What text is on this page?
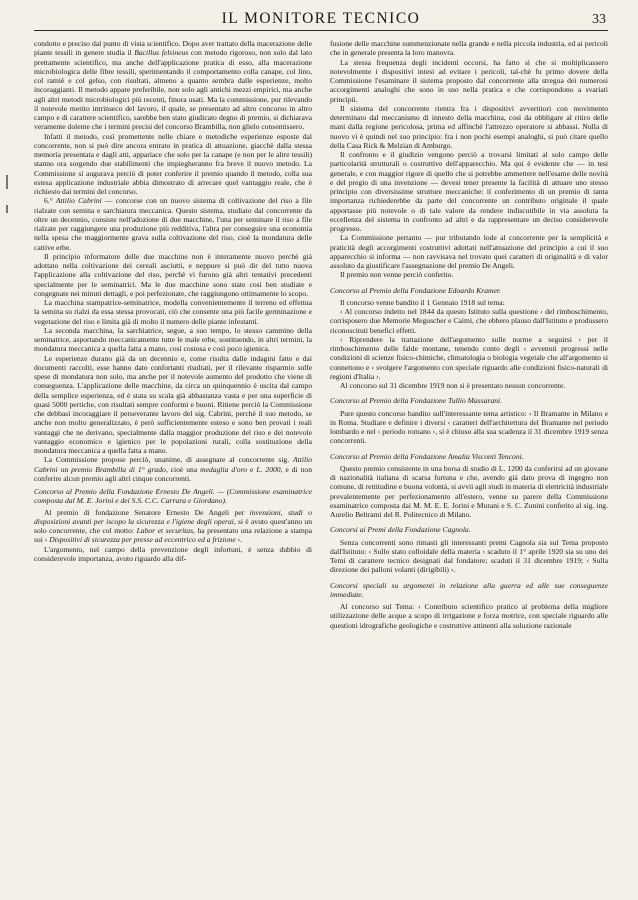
IL MONITORE TECNICO	33

condotto e preciso dal punto di vista scientifico. Dopo aver trattato della macerazione delle piante tessili in genere studia il Bacillus felsineus con metodo rigoroso, non solo dal lato prettamente scientifico, ma anche dell'applicazione pratica di esso, alla macerazione microbiologica delle fibre tessili, sperimentando il comportamento colla canape, col lino, col ramiè e col gelso, con risultati, almeno a quanto sembra dalle esperienze, molto incoraggianti. Il metodo appare preferibile, non solo agli antichi mezzi empirici, ma anche agli altri metodi microbiologici più recenti, finora usati. Ma la commissione, pur rilevando il notevole merito intrinseco del lavoro, il quale, se presentato ad altro concorso in altro campo e di carattere scientifico, sarebbe ben stato giudicato degno di premio, si dichiarava veramente dolente che i termini precisi del concorso Brambilla, non glielo consentissero.

Infatti il metodo, così promettente nelle chiare e metodiche esperienze esposte dal concorrente, non si può dire ancora entrato in pratica di attuazione, giacchè dalla stessa memoria presentata e dagli atti, appariace che solo per la canape (e non per le altre tessili) stanno ora sorgendo due stabilimenti che impiegheranno fra breve il nuovo metodo. La Commissione si augurava perciò di poter conferire il premio quando il metodo, colla sua estesa applicazione industriale abbia dimostrato di arrecare quel vantaggio reale, che è richiesto dai termini del concorso.

6.° Attilio Cabrini — concorse con un nuovo sistema di coltivazione del riso a file rialzate con semina e sarchiatura meccanica. Questo sistema, studiato dal concorrente da oltre un decennio, consiste nell'adozione di due macchine, l'una per seminare il riso a file rialzate per raggiungere una produzione più redditiva, l'altra per conseguire una economia nella spesa che maggiormente grava sulla coltivazione del riso, cioè la mondatura delle cattive erbe.

Il principio informatore delle due macchine non è interamente nuovo perchè già adottato nella coltivazione dei cereali asciutti, e neppure si può dir del tutto nuova l'applicazione alla coltivazione del riso, perchè vi furono già altri tentativi precedenti specialmente per le seminatrici. Ma le due macchine sono state così ben studiate e congegnate nei minuti dettagli, e poi perfezionate, che raggiungono ottimamente lo scopo.

La macchina stampatrice-seminatrice, modella convenientemente il terreno ed effettua la semina su rialzi da essa stessa provocati, ciò che consente una più facile germinazione e vegetazione del riso e limita già di molto il numero delle piante infestanti.

La seconda macchina, la sarchiatrice, segue, a suo tempo, lo stesso cammino della seminatrice, asportando meccanicamente tutte le male erbe, sostituendo, in altri termini, la mondatura meccanica a quella fatta a mano, così costosa e così poco igienica.

Le esperienze durano già da un decennio e, come risulta dalle indagini fatte e dai documenti raccolti, esse hanno dato confortanti risultati, per il rilevante risparmio sulle spese di mondatura non solo, ma anche per il notevole aumento del prodotto che viene di conseguenza. L'applicazione delle macchine, da circa un quinquennio è uscita dal campo della semplice esperienza, ed è stata su scala già abbastanza vasta e per una superficie di quasi 5000 pertiche, con risultati sempre conformi e buoni. Ritiene perciò la Commissione che debbasi incoraggiare il perseverante lavoro del sig. Cabrini, perchè il suo metodo, se anche non molto generalizzato, è però sufficientemente esteso e sono ben provati i reali vantaggi che ne derivano, specialmente dalla maggior produzione del riso e dei notevole vantaggio economico e igienico per le popolazioni rurali, colla sostituzione della mondatura meccanica a quella fatta a mano.

La Commissione propose perciò, unanime, di assegnare al concorrente sig. Attilio Cabrini un premio Brambilla di 1° grado, cioè una medaglia d'oro e L. 2000, e di non conferire alcun premio agli altri cinque concorrenti.

Concorso al Premio della Fondazione Ernesto De Angeli. — (Commissione esaminatrice composta dal M. E. Jorini e dei S.S. C.C. Carrara e Giordano).

Al premio di fondazione Senatore Ernesto De Angeli per invenzioni, studi o disposizioni avanti per iscopo la sicurezza e l'igiene degli operai, si è avuto quest'anno un solo concorrente, che col motto: Labor et securitas, ha presentato una relazione a stampa sui ‹ Dispositivi di sicurezza per presse ad eccentrico ed a frizione ›.

L'argomento, nel campo della prevenzione degli infortuni, è senza dubbio di considerevole importanza, avuto riguardo alla dif-

fusione delle macchine summenzionate nella grande e nella piccola industria, ed ai pericoli che in generale presenta la loro manovra.

La stessa frequenza degli incidenti occorsi, ha fatto sì che si moltiplicassero notevolmente i dispositivi intesi ad evitare i pericoli, tal-chè fu primo dovere della Commissione l'esaminare il sistema proposto dal concorrente alla stregua dei numerosi accorgimenti analoghi che sono in uso nella pratica e che corrispondono a svariati principii.

Il sistema del concorrente rientra fra i dispositivi avvertitori con movimento determinato dal meccanismo di innesto della macchina, così da obbligare al ritiro delle mani dalla regione pericolosa, prima ed affinchè l'attrezzo operatore si abbassi. Nulla di nuovo vi è quindi nel suo principio: fra i non pochi esempi analoghi, si può citare quello della Casa Rick & Melzian di Amburgo.

Il confronto e il giudizio vengono perciò a trovarsi limitati al solo campo delle particolarità strutturali o costruttive dell'apparecchio. Ma qui è evidente che — in tesi generale, e con maggior rigore di quello che si potrebbe ammettere nell'esame delle novità e del pregio di una invenzione — devesi tener presente la facilità di attuare uno stesso principio con diversissime strutture meccaniche: il conferimento di un premio di tanta importanza richiederebbe da parte del concorrente un contributo originale il quale apportasse più notevole o di tale valore da rendere indiscutibile in via assoluta la eccellenza del sistema in confronto ad altri e da rappresentare un deciso considerevole progresso.

La Commissione pertanto — pur tributando lode al concorrente per la semplicità e praticità degli accorgimenti costruttivi adottati nell'attuazione del principio a cui il suo apparecchio si informa — non ravvisava nel trovato quei caratteri di originalità e di valor assoluto da giustificare l'assegnazione del premio De Angeli.

Il premio non venne perciò conferito.

Concorso al Premio della Fondazione Edoardo Kramer.

Il concorso venne bandito il 1 Gennaio 1918 sul tema:

‹ Al concorso indetto nel 1844 da questo Istituto sulla questione ‹ del rimboschimento, corrisposero due Memorie Meguscher e Caimi, che ebbero plauso dall'Istituto e produssero riconoscituti benefici effetti.

‹ Riprendere la trattazione dell'argomento sulle norme a seguirsi ‹ per il rimboschimento delle falde montane, tenendo conto degli ‹ avvenuti progressi nelle condizioni di scienze fisico-chimiche, climatologia o biologia vegetale che all'argomento si connettono e ‹ svolgere l'argomento con speciale riguardo alle condizioni fisico-naturali di regioni d'Italia ›.

Al concorso sul 31 dicembre 1919 non si è presentato nessun concorrente.

Concorso al Premio della Fondazione Tullio Massarani.

Pure questo concorso bandito sull'interessante tema artistico: ‹ Il Bramante in Milano e in Roma. Studiare e definire i diversi ‹ caratteri dell'architettura del Bramante nel periodo lombardo e nel ‹ periodo romano ›, si è chiuso alla sua scadenza il 31 dicembre 1919 senza concorrenti.

Concorso al Premio della Fondazione Amalia Visconti Tenconi.

Questo premio consistente in una borsa di studio di L. 1200 da conferirsi ad un giovane di nazionalità italiana di scarsa fortuna e che, avendo già dato prova di ingegno non comune, di rettitudine e buona volontà, si avvii agli studi in materia di elettricità industriale prevalentemente per perfezionamento all'estero, venne su parere della Commissione esaminatrice composta dai M. M. E. E. Jorini e Murani e S. C. Zunini conferito al sig. ing. Aurelio Beltrami del R. Politecnico di Milano.

Concorsi ai Premi della Fondazione Cagnola.

Senza concorrenti sono rimasti gli interessanti premi Cagnola sia sul Tema proposto dall'Istituto: ‹ Sullo stato colloidale della materia › scaduto il 1° aprile 1920 sia su uno dei Temi di carattere tecnico designati dal fondatore; scaduti il 31 dicembre 1919; ‹ Sulla direzione dei palloni volanti (dirigibili) ›.

Concorsi speciali su argomenti in relazione alla guerra ed alle sue conseguenze immediate.

Al concorso sul Tema: ‹ Contributo scientifico pratico al problema della migliore utilizzazione delle acque a scopo di irrigazione e forza motrice, con speciale riguardo alle questioni idrografiche geologiche e costruttive attinenti alla soluzione razionale
